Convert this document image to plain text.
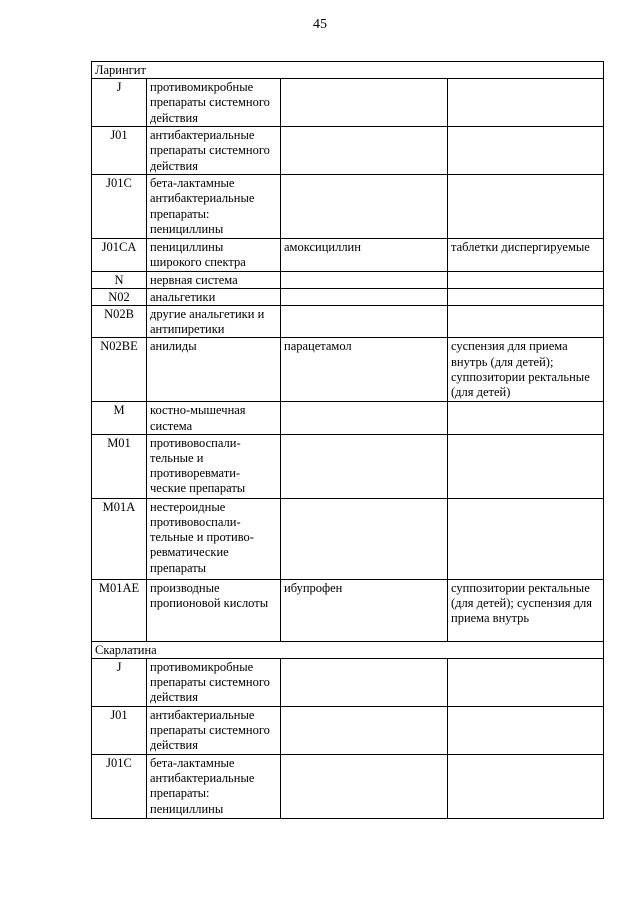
45
Ларингит			
J	противомикробные препараты системного действия		
J01	антибактериальные препараты системного действия		
J01C	бета-лактамные антибактериальные препараты: пенициллины		
J01CA	пенициллины широкого спектра	амоксициллин	таблетки диспергируемые
N	нервная система		
N02	анальгетики		
N02B	другие анальгетики и антипиретики		
N02BE	анилиды	парацетамол	суспензия для приема внутрь (для детей); суппозитории ректальные (для детей)
M	костно-мышечная система		
M01	противовоспали- тельные и противоревмати- ческие препараты		
M01A	нестероидные противовоспали- тельные и противо- ревматические препараты		
M01AE	производные пропионовой кислоты	ибупрофен	суппозитории ректальные (для детей); суспензия для приема внутрь
Скарлатина			
J	противомикробные препараты системного действия		
J01	антибактериальные препараты системного действия		
J01C	бета-лактамные антибактериальные препараты: пенициллины		
